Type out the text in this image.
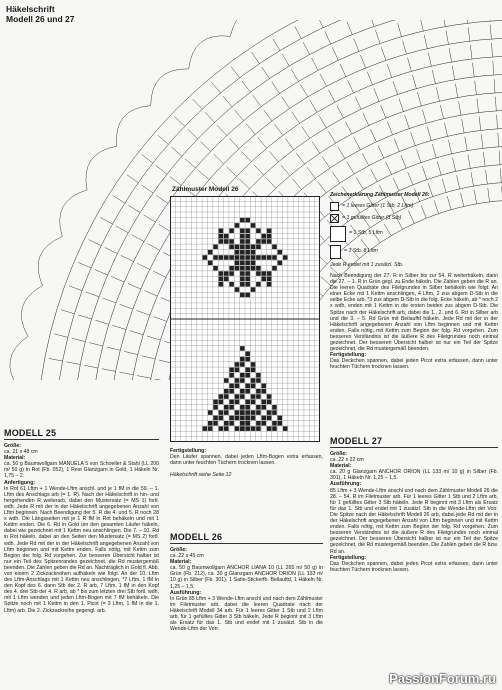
Häkelschrift
Modell 26 und 27
Zählmuster Modell 26
Zeichenerklärung Zählmuster Modell 26:
= 1 leeres Gitter (1 Stb, 2 Lftm)
= 1 gefülltes Gitter (3 Stb)
= 1 Stb, 5 Lftm
= 1 Stb, 8 Lftm
Jede R endet mit 1 zusätzl. Stb.
Nach Beendigung der 27. R in Silber bis zur 54. R weiterhäkeln, dann die 27. – 1. R in Grün gegl. zu Ende häkeln. Die Zahlen geben die R an. Die leeren Quadrate des Filetgrundes in Silber behäkeln wie folgt: An einer Ecke mit 1 Kettm anschlingen, 4 Lftm, 2 zus abgem D-Stb in die selbe Ecke arb, *3 zus abgem D-Stb in die folg. Ecke häkeln, ab * noch 2 x wdh, enden mit 1 Kettm in die ersten beiden zus abgem D-Stb. Die Spitze nach der Häkelschrift arb, dabei die 1., 2. und 6. Rd in Silber arb und die 3. – 5. Rd Grün mit Beilauffd häkeln. Jede Rd mit der in der Häkelschrift angegebenen Anzahl von Lftm beginnen und mit Kettm enden. Falls nötig, mit Kettm zum Beginn der folg. Rd vorgehen. Zum besseren Verständnis ist die äußere R des Filetgrundes noch einmal gezeichnet. Der besseren Übersicht halber ist nur ein Teil der Spitze gezeichnet, die Rd mustergemäß beenden.
Fertigstellung:
Das Deckchen spannen, dabei jeden Picot extra erfassen, dann unter feuchten Tüchern trocknen lassen.
MODELL 25
Größe:
ca. 21 x 48 cm
Material:
ca. 50 g Baumwollgarn MANUELA 5 von Schoeller & Stahl (LL 200 m/ 50 g) in Rot (Fb. 052), 1 Rest Glanzgarn in Gold, 1 Häkeln Nr. 1,75 – 2.
Anfertigung:
In Rot 61 Lftm + 1 Wende-Lftm anschl. und je 1 fM in die 59. – 1. Lftm des Anschlags arb (= 1. R). Nach der Häkelschrift in hin- und hergehenden R weiterarb, dabei den Mustersatz (= MS 1) fortl. wdh. Jede R mit der in der Häkelschrift angegebenen Anzahl von Lftm beginnen. Nach Beendigung der 5. R die 4. und 5. R noch 28 x wdh. Die Längsseiten mit je 1 R fM in Rot behäkeln und mit 1 Kettm enden. Die 6. Rd in Gold um den gesamten Läufer häkeln, dabei wie gezeichnet mit 1 Kettm neu anschlingen. Die 7. – 10. Rd in Rot häkeln, dabei an den Seiten den Mustersatz (= MS 2) fortl. wdh. Jede Rd mit der in der Häkelschrift angegebenen Anzahl von Lftm beginnen und mit Kettm enden. Falls nötig, mit Kettm zum Beginn der folg. Rd vorgehen. Zur besseren Übersicht halber ist nur ein Teil des Spitzenrandes gezeichnet, die Rd mustergemäß beenden. Die Zahlen geben die Rd an. Nachträglich in Gold fl. Abb. von einem 2 Zickzackreihen aufhäkeln wie folgt. An der 10. Lftm des Lftm-Anschlags mit 1 Kettm neu anschlingen, *7 Lftm, 1 fM in den Kopf des 6. dann Stb der 2. R arb, 7 Lftm, 1 fM in den Kopf des 4. drei Stb der 4. R arb, ab * bis zum letzten drei Stb fortl. wdh, mit 1 Lftm wenden und jeden Lftm-Bogen mit 7 fM behäkeln. Die Spitze noch mit 1 Kettm in den 1. Picot (= 3 Lftm, 1 fM in die 1. Lftm) arb. Die 2. Zickzackreihe gegengl. arb.
Fertigstellung:
Den Läufer spannen, dabei jeden Lftm-Bogen extra erfassen, dann unter feuchten Tüchern trocknen lassen.
Häkelschrift siehe Seite 12
MODELL 26
Größe:
ca. 22 x 45 cm
Material:
ca. 50 g Baumwollgarn ANCHOR LIANA 10 (LL 265 m/ 50 g) in Grün (Fb. 212), ca. 30 g Glanzgarn ANCHOR ORION (LL 133 m/ 10 g) in Silber (Fb. 301), 1 Satin-Stickerfb. Bellauftd, 1 Häkeln Nr. 1,25 – 1,5.
Ausführung:
In Grün 85 Lftm + 3 Wende-Lftm anschl und nach dem Zählmuster im Filetmuster arb, dabei die leeren Quadrate nach der Häkelschrift Modell 34 arb. Für 1 leeres Gitter 1 Stb und 2 Lftm arb, für 1 gefülltes Gitter 3 Stb häkeln. Jede R beginnt mit 3 Lftm als Ersatz für das 1. Stb und endet mit 1 zusätzl. Stb in die Wende-Lftm der Vorr.
MODELL 27
Größe:
ca. 22 x 22 cm
Material:
ca. 20 g Glanzgarn ANCHOR ORION (LL 133 m/ 10 g) in Silber (Fb. 301), 1 Häkeln Nr. 1,25 – 1,5.
Ausführung:
85 Lftm + 3 Wende-Lftm anschl und nach dem Zählmuster Modell 26 die 28. – 54. R im Filetmuster arb. Für 1 leeres Gitter 1 Stb und 2 Lftm arb, für 1 gefülltes Gitter 3 Stb häkeln. Jede R beginnt mit 3 Lftm als Ersatz für das 1. Stb und endet mit 1 zusätzl. Stb in die Wende-Lftm der Vorr. Die Spitze nach der Häkelschrift Modell 26 arb, dabei jede Rd mit der in der Häkelschrift angegebenen Anzahl von Lftm beginnen und mit Kettm enden. Falls nötig, mit Kettm zum Beginn der folg. Rd vorgehen. Zum besseren Verständnis ist die äußere R des Filetgrundes noch einmal gezeichnet. Der besseren Übersicht halber ist nur ein Teil der Spitze gezeichnet, die Rd mustergemäß beenden. Die Zahlen geben die R bzw. Rd an.
Fertigstellung:
Das Deckchen spannen, dabei jeden Picot extra erfassen, dann unter feuchten Tüchern trocknen lassen.
PassionForum.ru
